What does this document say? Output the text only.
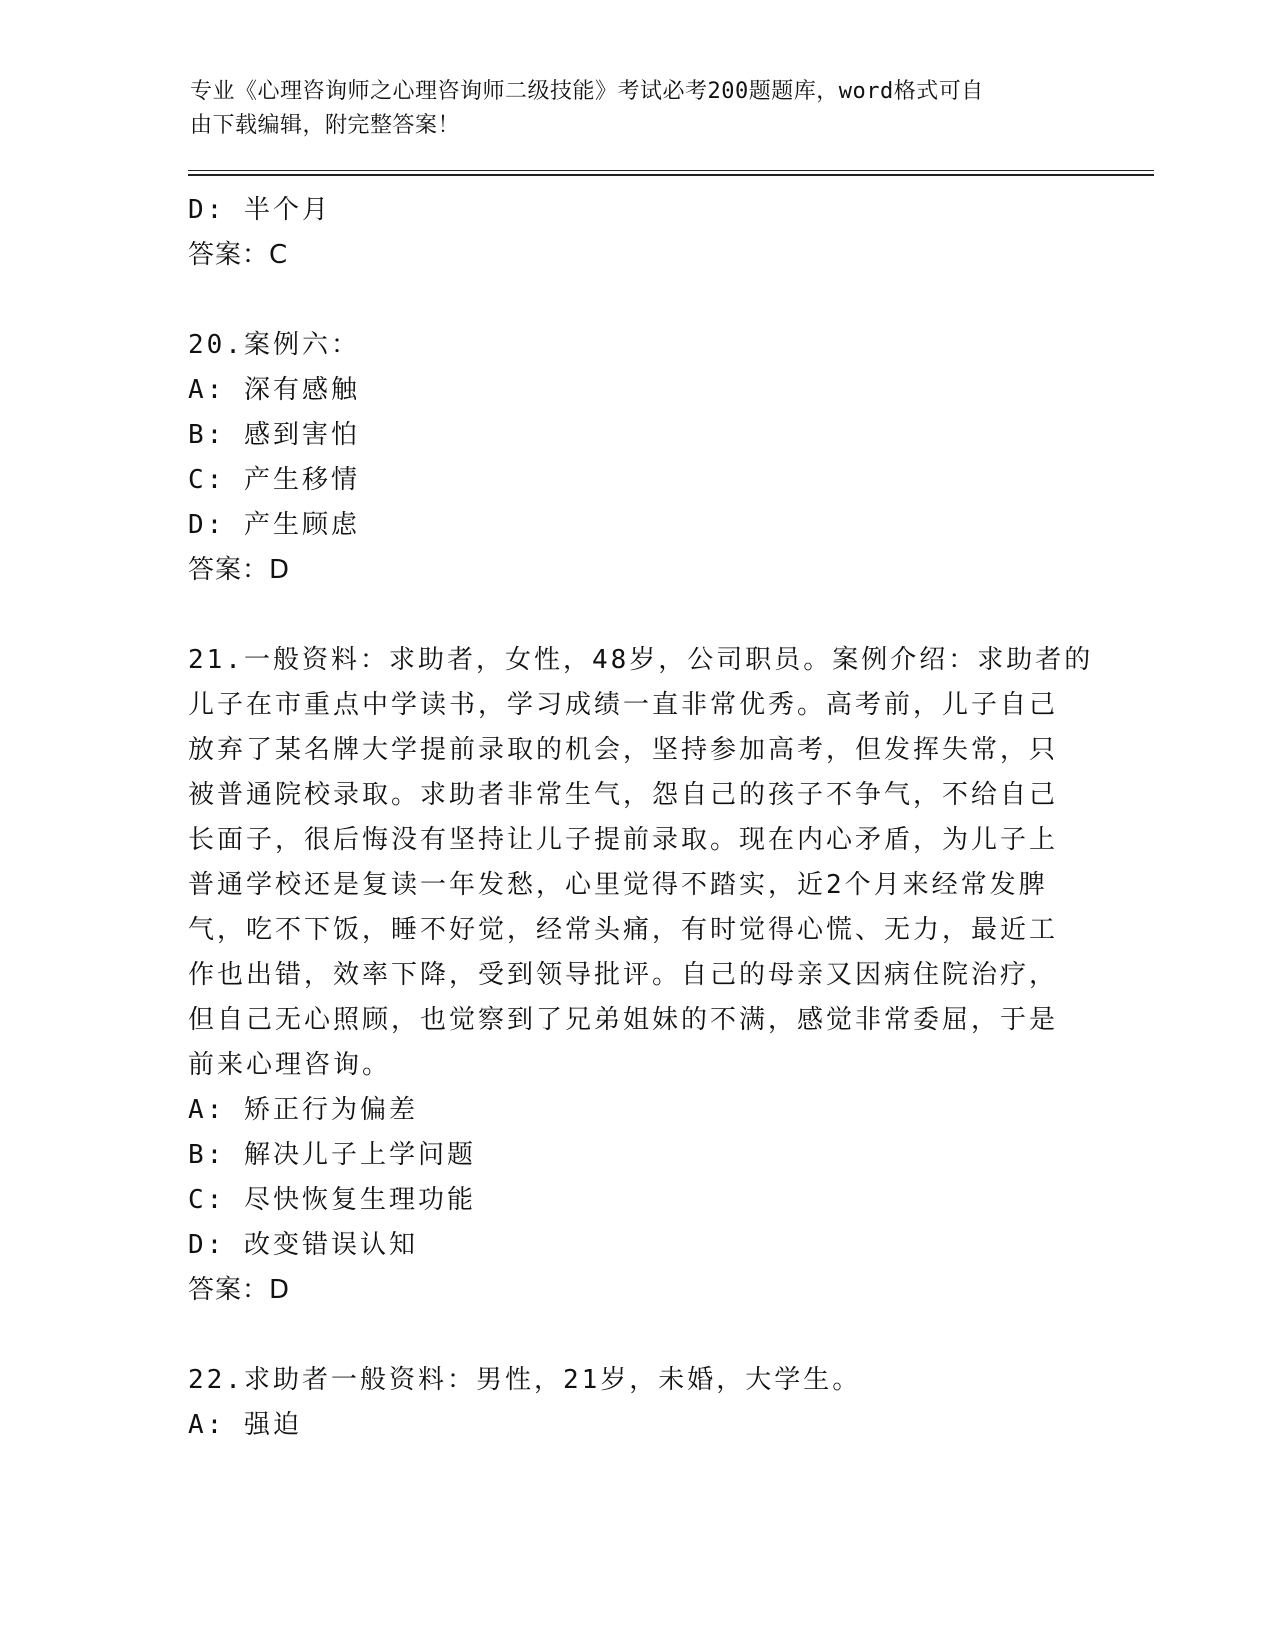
专业《心理咨询师之心理咨询师二级技能》考试必考200题题库，word格式可自
由下载编辑，附完整答案！
D: 半个月
答案：C
20.案例六：
A: 深有感触
B: 感到害怕
C: 产生移情
D: 产生顾虑
答案：D
21.一般资料：求助者，女性，48岁，公司职员。案例介绍：求助者的
儿子在市重点中学读书，学习成绩一直非常优秀。高考前，儿子自己
放弃了某名牌大学提前录取的机会，坚持参加高考，但发挥失常，只
被普通院校录取。求助者非常生气，怨自己的孩子不争气，不给自己
长面子，很后悔没有坚持让儿子提前录取。现在内心矛盾，为儿子上
普通学校还是复读一年发愁，心里觉得不踏实，近2个月来经常发脾
气，吃不下饭，睡不好觉，经常头痛，有时觉得心慌、无力，最近工
作也出错，效率下降，受到领导批评。自己的母亲又因病住院治疗，
但自己无心照顾，也觉察到了兄弟姐妹的不满，感觉非常委屈，于是
前来心理咨询。
A: 矫正行为偏差
B: 解决儿子上学问题
C: 尽快恢复生理功能
D: 改变错误认知
答案：D
22.求助者一般资料：男性，21岁，未婚，大学生。
A: 强迫
